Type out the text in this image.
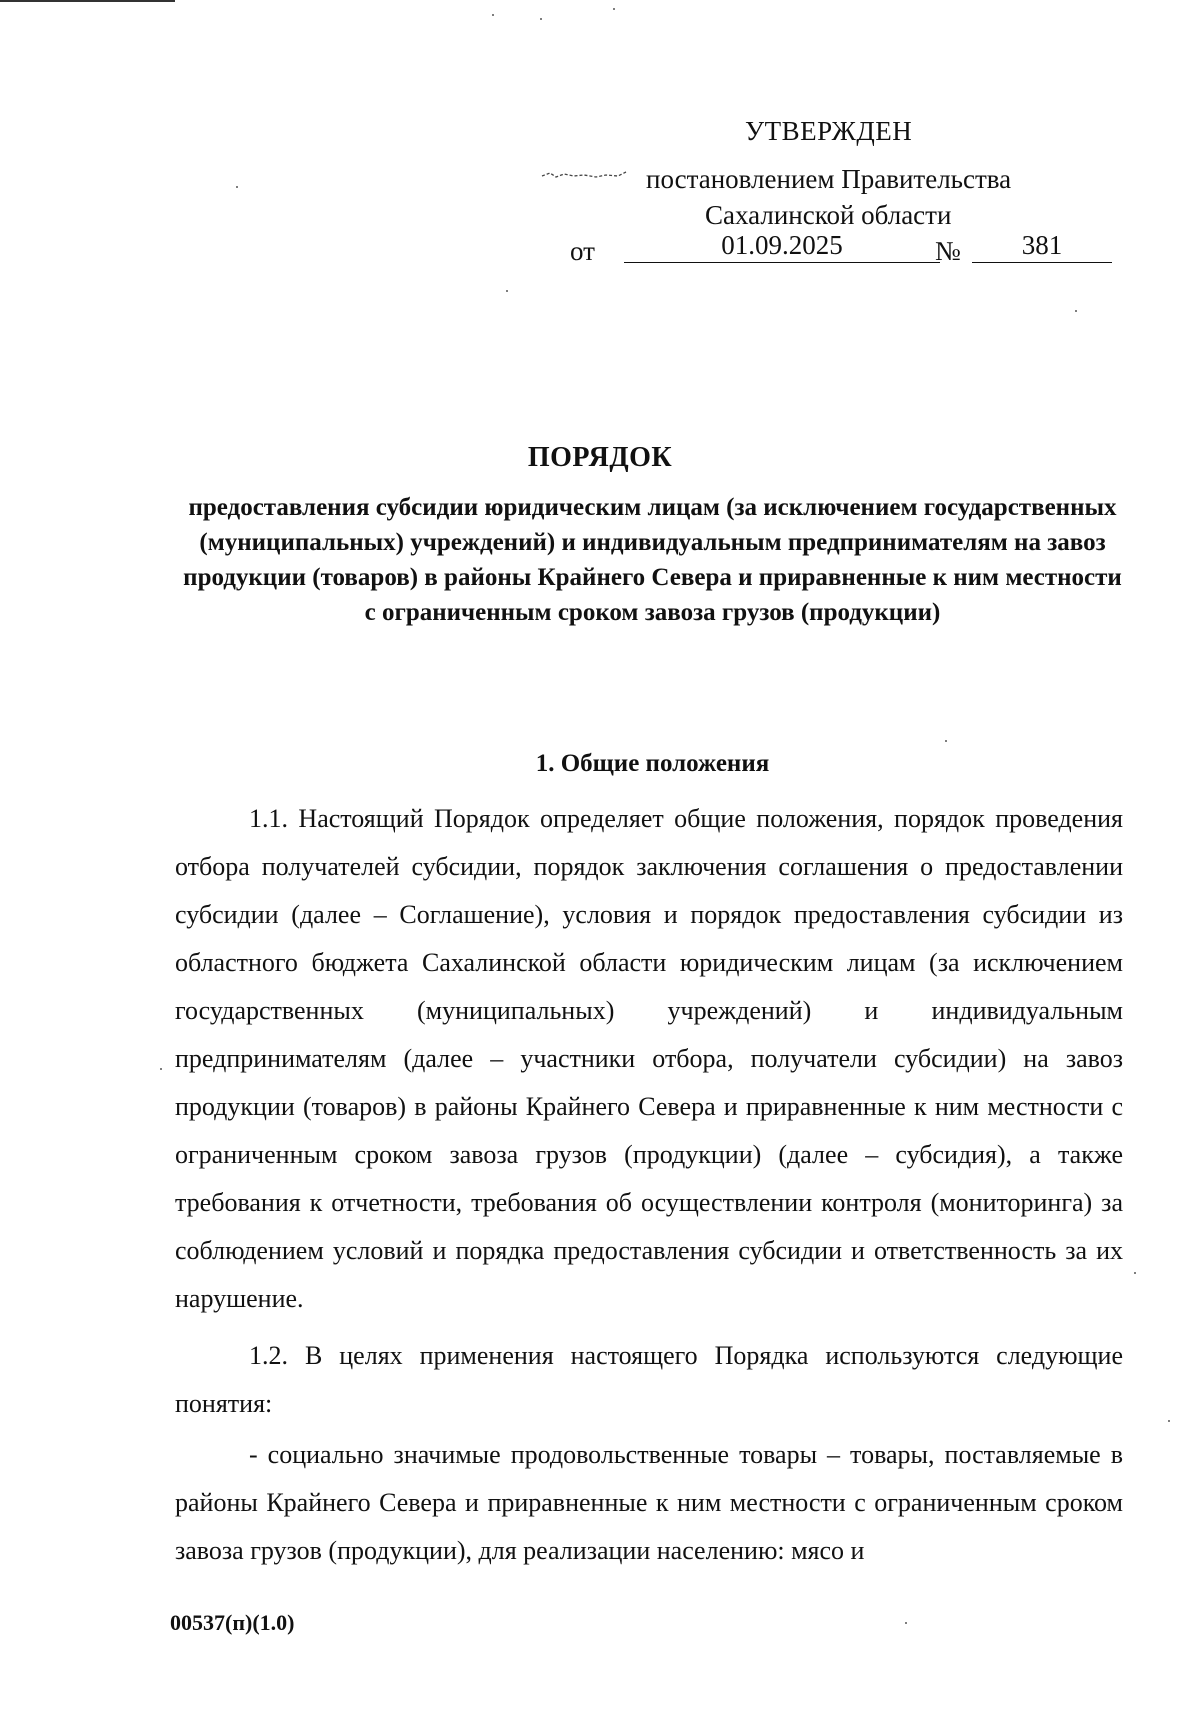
УТВЕРЖДЕН
постановлением Правительства
Сахалинской области
от	01.09.2025	№	381
ПОРЯДОК
предоставления субсидии юридическим лицам (за исключением государственных (муниципальных) учреждений) и индивидуальным предпринимателям на завоз продукции (товаров) в районы Крайнего Севера и приравненные к ним местности с ограниченным сроком завоза грузов (продукции)
1. Общие положения
1.1. Настоящий Порядок определяет общие положения, порядок проведения отбора получателей субсидии, порядок заключения соглашения о предоставлении субсидии (далее – Соглашение), условия и порядок предоставления субсидии из областного бюджета Сахалинской области юридическим лицам (за исключением государственных (муниципальных) учреждений) и индивидуальным предпринимателям (далее – участники отбора, получатели субсидии) на завоз продукции (товаров) в районы Крайнего Севера и приравненные к ним местности с ограниченным сроком завоза грузов (продукции) (далее – субсидия), а также требования к отчетности, требования об осуществлении контроля (мониторинга) за соблюдением условий и порядка предоставления субсидии и ответственность за их нарушение.
1.2. В целях применения настоящего Порядка используются следующие понятия:
- социально значимые продовольственные товары – товары, поставляемые в районы Крайнего Севера и приравненные к ним местности с ограниченным сроком завоза грузов (продукции), для реализации населению: мясо и
00537(п)(1.0)
